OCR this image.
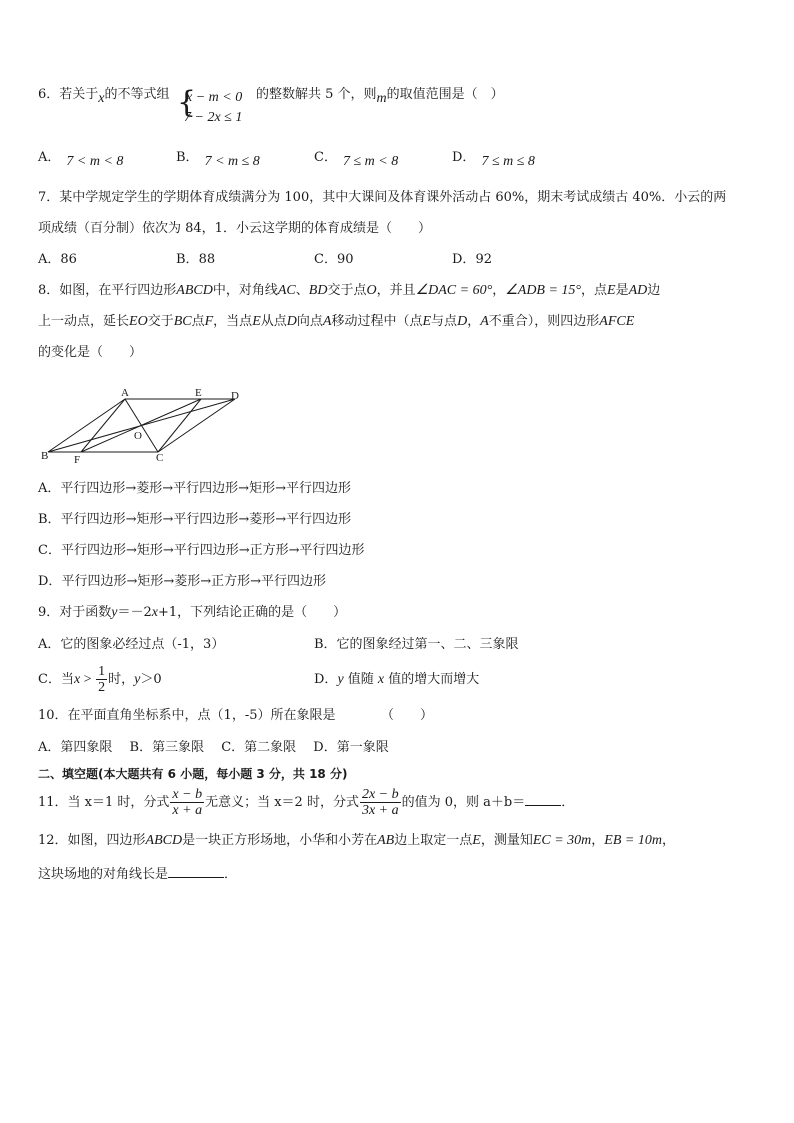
6．若关于x的不等式组 {
x − m < 0
7 − 2x ≤ 1
的整数解共 5 个，则m的取值范围是（　）
A． 7 < m < 8	B． 7 < m ≤ 8	C． 7 ≤ m < 8	D． 7 ≤ m ≤ 8
7．某中学规定学生的学期体育成绩满分为 100，其中大课间及体育课外活动占 60%，期末考试成绩古 40%．小云的两
项成绩（百分制）依次为 84，1．小云这学期的体育成绩是（　　）
A．86	B．88	C．90	D．92
8．如图，在平行四边形ABCD中，对角线AC、BD交于点O，并且∠DAC = 60°，∠ADB = 15°，点E是AD边
上一动点，延长EO交于BC点F，当点E从点D向点A移动过程中（点E与点D，A不重合），则四边形AFCE
的变化是（　　）
A	E	D
O
B F	C
A．平行四边形→菱形→平行四边形→矩形→平行四边形
B．平行四边形→矩形→平行四边形→菱形→平行四边形
C．平行四边形→矩形→平行四边形→正方形→平行四边形
D．平行四边形→矩形→菱形→正方形→平行四边形
9．对于函数y＝－2x+1，下列结论正确的是（　　）
A．它的图象必经过点（-1，3）	B．它的图象经过第一、二、三象限
C．当$x > \frac{1}{2}$ 时，y＞0	D．y 值随 x 值的增大而增大
10．在平面直角坐标系中，点（1，-5）所在象限是　　　　（　　）
A．第四象限　 B．第三象限　 C．第二象限　 D．第一象限
二、填空题(本大题共有 6 小题，每小题 3 分，共 18 分)
11．当 x＝1 时，分式 $\frac{x - b}{x + a}$ 无意义；当 x＝2 时，分式 $\frac{2x - b}{3x + a}$ 的值为 0，则 a＋b＝	．
12．如图，四边形ABCD是一块正方形场地，小华和小芳在AB边上取定一点E，测量知EC = 30m，EB = 10m，
这块场地的对角线长是	．
